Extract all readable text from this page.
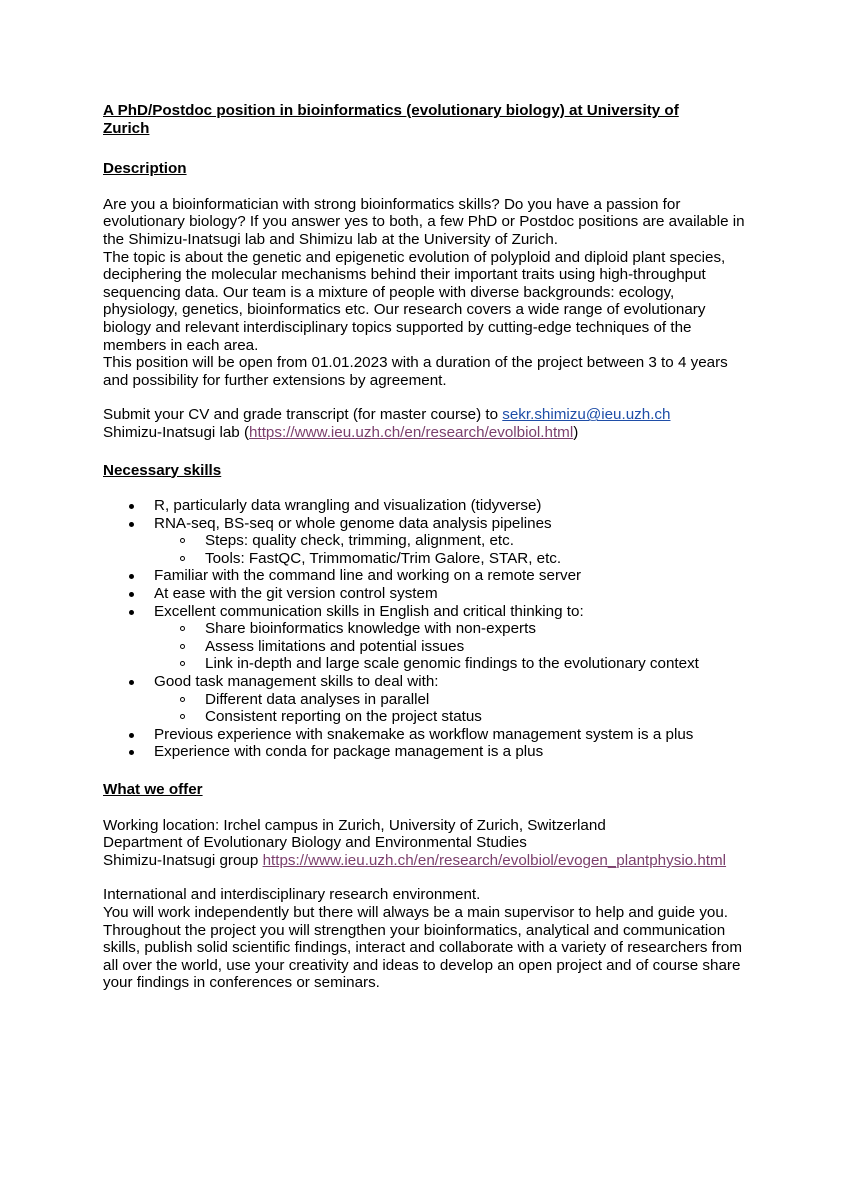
A PhD/Postdoc position in bioinformatics (evolutionary biology) at University of Zurich
Description

Are you a bioinformatician with strong bioinformatics skills? Do you have a passion for evolutionary biology? If you answer yes to both, a few PhD or Postdoc positions are available in the Shimizu-Inatsugi lab and Shimizu lab at the University of Zurich.

The topic is about the genetic and epigenetic evolution of polyploid and diploid plant species, deciphering the molecular mechanisms behind their important traits using high-throughput sequencing data. Our team is a mixture of people with diverse backgrounds: ecology, physiology, genetics, bioinformatics etc. Our research covers a wide range of evolutionary biology and relevant interdisciplinary topics supported by cutting-edge techniques of the members in each area.

This position will be open from 01.01.2023 with a duration of the project between 3 to 4 years and possibility for further extensions by agreement.

Submit your CV and grade transcript (for master course) to sekr.shimizu@ieu.uzh.ch

Shimizu-Inatsugi lab (https://www.ieu.uzh.ch/en/research/evolbiol.html)

Necessary skills
R, particularly data wrangling and visualization (tidyverse)
RNA-seq, BS-seq or whole genome data analysis pipelines
Steps: quality check, trimming, alignment, etc.
Tools: FastQC, Trimmomatic/Trim Galore, STAR, etc.
Familiar with the command line and working on a remote server
At ease with the git version control system
Excellent communication skills in English and critical thinking to:
Share bioinformatics knowledge with non-experts
Assess limitations and potential issues
Link in-depth and large scale genomic findings to the evolutionary context
Good task management skills to deal with:
Different data analyses in parallel
Consistent reporting on the project status
Previous experience with snakemake as workflow management system is a plus
Experience with conda for package management is a plus
What we offer

Working location: Irchel campus in Zurich, University of Zurich, Switzerland

Department of Evolutionary Biology and Environmental Studies

Shimizu-Inatsugi group https://www.ieu.uzh.ch/en/research/evolbiol/evogen_plantphysio.html

International and interdisciplinary research environment.

You will work independently but there will always be a main supervisor to help and guide you.

Throughout the project you will strengthen your bioinformatics, analytical and communication skills, publish solid scientific findings, interact and collaborate with a variety of researchers from all over the world, use your creativity and ideas to develop an open project and of course share your findings in conferences or seminars.
